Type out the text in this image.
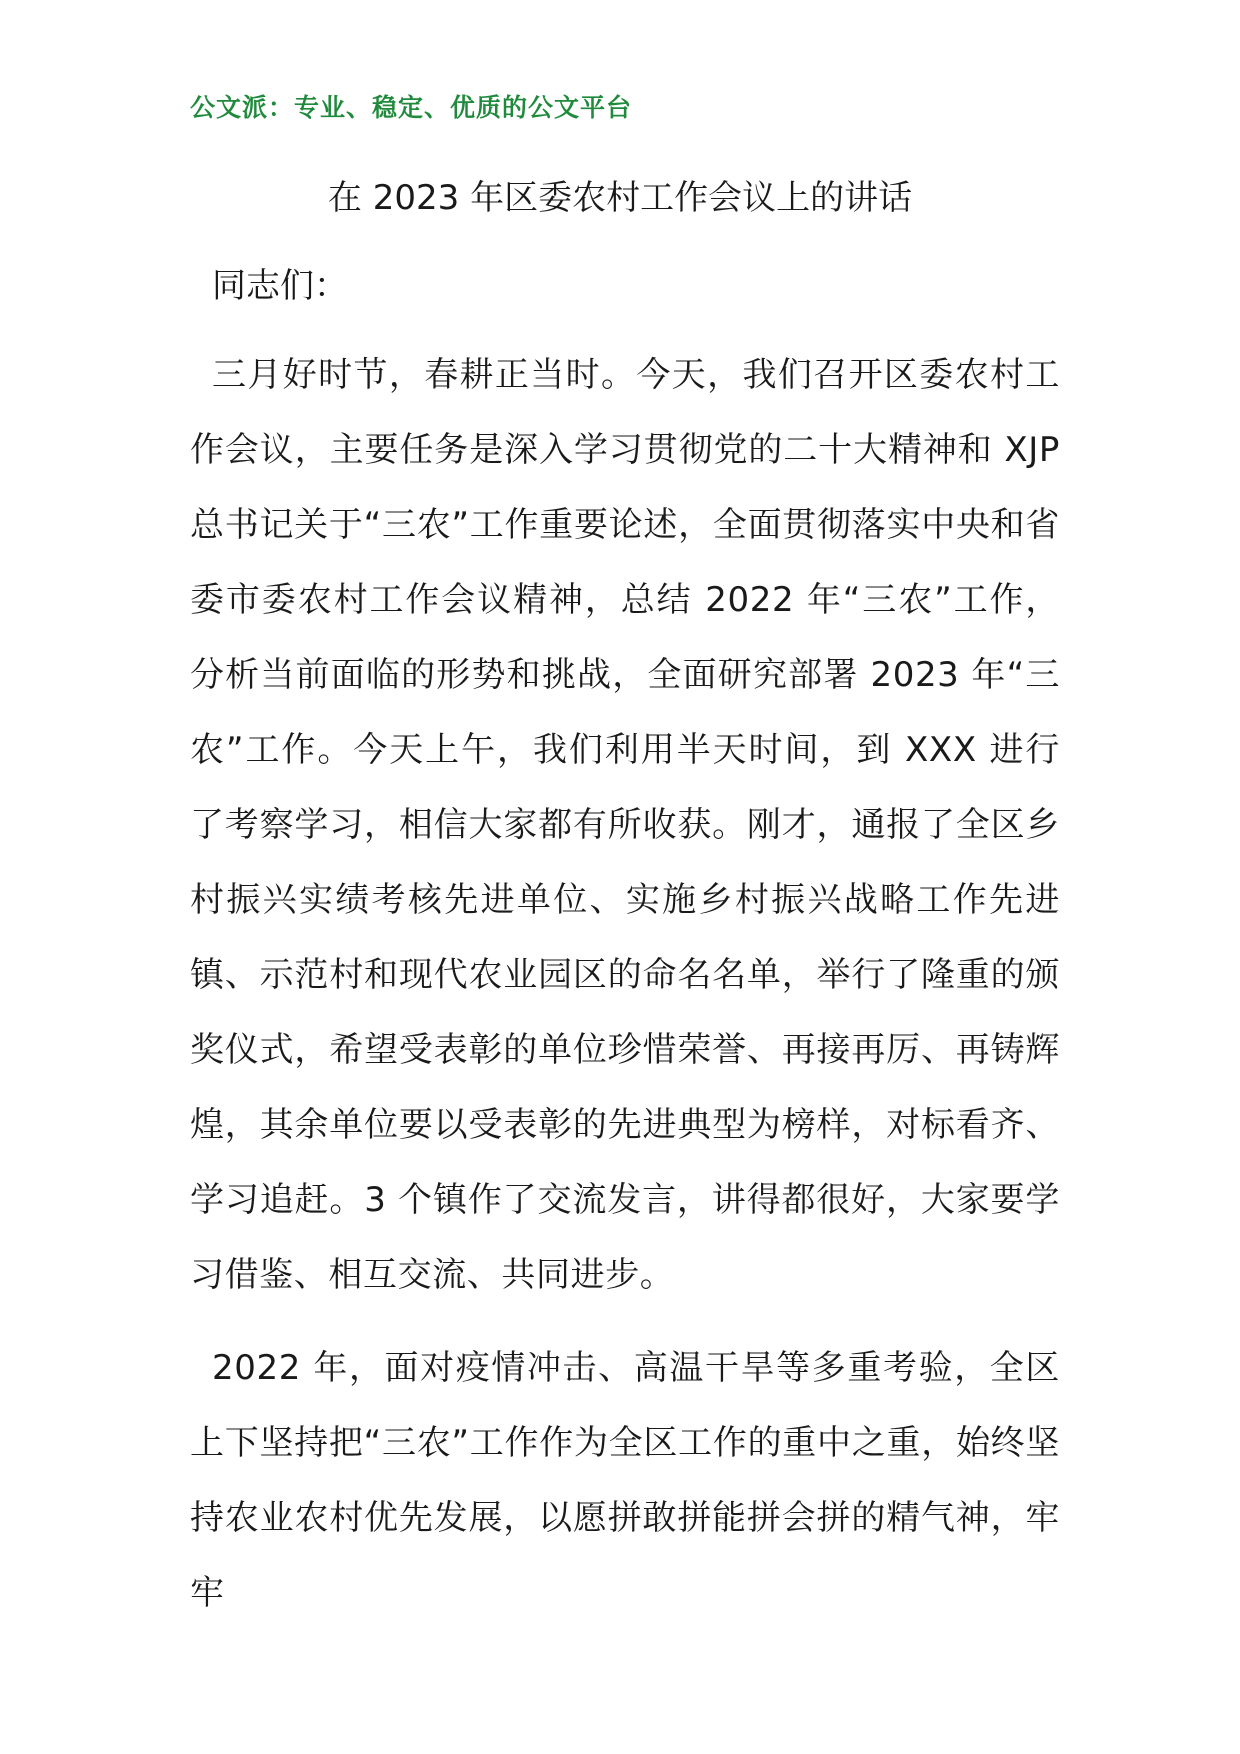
公文派：专业、稳定、优质的公文平台
在 2023 年区委农村工作会议上的讲话

同志们：

三月好时节，春耕正当时。今天，我们召开区委农村工作会议，主要任务是深入学习贯彻党的二十大精神和 XJP 总书记关于“三农”工作重要论述，全面贯彻落实中央和省委市委农村工作会议精神，总结 2022 年“三农”工作，分析当前面临的形势和挑战，全面研究部署 2023 年“三农”工作。今天上午，我们利用半天时间，到 XXX 进行了考察学习，相信大家都有所收获。刚才，通报了全区乡村振兴实绩考核先进单位、实施乡村振兴战略工作先进镇、示范村和现代农业园区的命名名单，举行了隆重的颁奖仪式，希望受表彰的单位珍惜荣誉、再接再厉、再铸辉煌，其余单位要以受表彰的先进典型为榜样，对标看齐、学习追赶。3 个镇作了交流发言，讲得都很好，大家要学习借鉴、相互交流、共同进步。

2022 年，面对疫情冲击、高温干旱等多重考验，全区上下坚持把“三农”工作作为全区工作的重中之重，始终坚持农业农村优先发展，以愿拼敢拼能拼会拼的精气神，牢牢
